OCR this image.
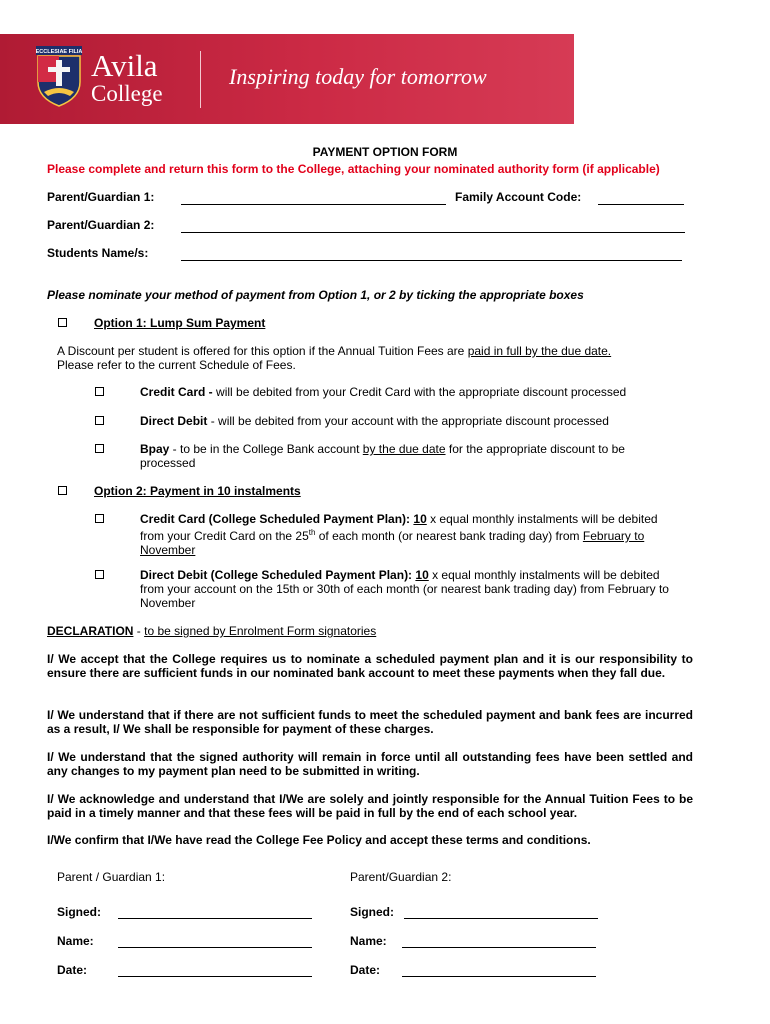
ECCLESIAE FILIA Avila
College
Inspiring today for tomorrow
PAYMENT OPTION FORM
Please complete and return this form to the College, attaching your nominated authority form (if applicable)
Parent/Guardian 1:	Family Account Code:
Parent/Guardian 2:
Students Name/s:
Please nominate your method of payment from Option 1, or 2 by ticking the appropriate boxes
Option 1: Lump Sum Payment
A Discount per student is offered for this option if the Annual Tuition Fees are paid in full by the due date.
Please refer to the current Schedule of Fees.
Credit Card - will be debited from your Credit Card with the appropriate discount processed
Direct Debit - will be debited from your account with the appropriate discount processed
Bpay - to be in the College Bank account by the due date for the appropriate discount to be
processed
Option 2: Payment in 10 instalments
Credit Card (College Scheduled Payment Plan): 10 x equal monthly instalments will be debited
from your Credit Card on the 25th of each month (or nearest bank trading day) from February to
November
Direct Debit (College Scheduled Payment Plan): 10 x equal monthly instalments will be debited
from your account on the 15th or 30th of each month (or nearest bank trading day) from February to
November
DECLARATION - to be signed by Enrolment Form signatories
I/ We accept that the College requires us to nominate a scheduled payment plan and it is our responsibility to ensure there are sufficient funds in our nominated bank account to meet these payments when they fall due.
I/ We understand that if there are not sufficient funds to meet the scheduled payment and bank fees are incurred as a result, I/ We shall be responsible for payment of these charges.
I/ We understand that the signed authority will remain in force until all outstanding fees have been settled and any changes to my payment plan need to be submitted in writing.
I/ We acknowledge and understand that I/We are solely and jointly responsible for the Annual Tuition Fees to be paid in a timely manner and that these fees will be paid in full by the end of each school year.
I/We confirm that I/We have read the College Fee Policy and accept these terms and conditions.
Parent / Guardian 1:	Parent/Guardian 2:
Signed:	Signed:
Name:	Name:
Date:	Date:
